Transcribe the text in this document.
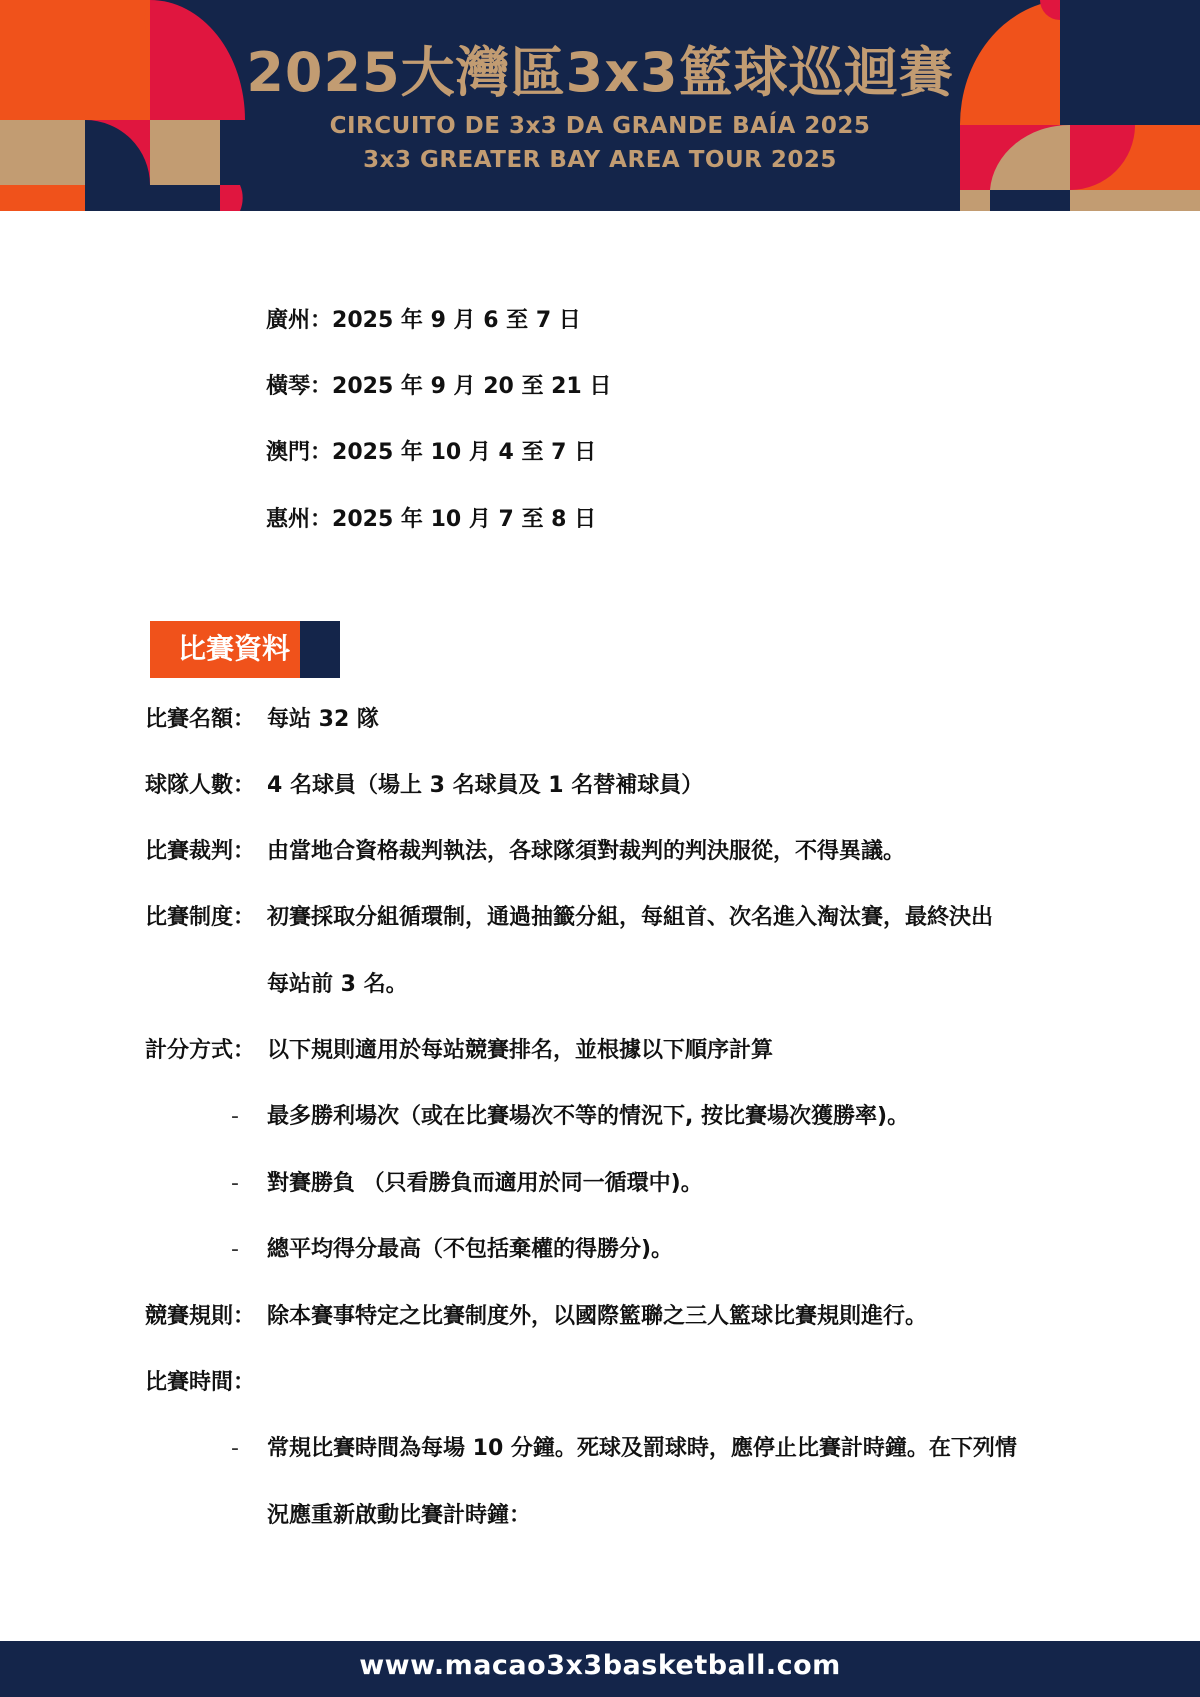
2025大灣區3x3籃球巡迴賽
CIRCUITO DE 3x3 DA GRANDE BAÍA 2025
3x3 GREATER BAY AREA TOUR 2025
廣州：2025 年 9 月 6 至 7 日
橫琴：2025 年 9 月 20 至 21 日
澳門：2025 年 10 月 4 至 7 日
惠州：2025 年 10 月 7 至 8 日
比賽資料
比賽名額： 每站 32 隊
球隊人數： 4 名球員（場上 3 名球員及 1 名替補球員）
比賽裁判： 由當地合資格裁判執法，各球隊須對裁判的判決服從，不得異議。
比賽制度： 初賽採取分組循環制，通過抽籤分組，每組首、次名進入淘汰賽，最終決出
每站前 3 名。
計分方式： 以下規則適用於每站競賽排名，並根據以下順序計算
- 最多勝利場次（或在比賽場次不等的情況下, 按比賽場次獲勝率)。
- 對賽勝負 （只看勝負而適用於同一循環中)。
- 總平均得分最高（不包括棄權的得勝分)。
競賽規則： 除本賽事特定之比賽制度外，以國際籃聯之三人籃球比賽規則進行。
比賽時間：
- 常規比賽時間為每場 10 分鐘。死球及罰球時，應停止比賽計時鐘。在下列情
況應重新啟動比賽計時鐘：
www.macao3x3basketball.com
